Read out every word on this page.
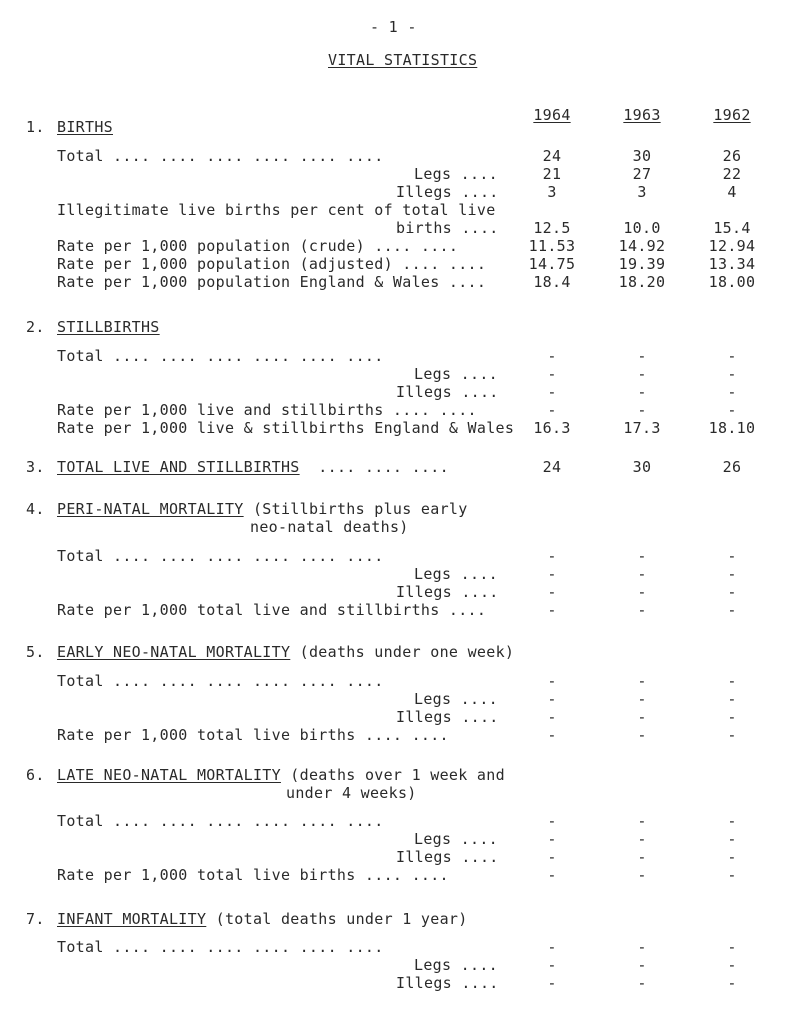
- 1 -
VITAL STATISTICS
1964	1963	1962
1. BIRTHS
Total .... .... .... .... .... ....	24	30	26
Legs ....	21	27	22
Illegs ....	3	3	4
Illegitimate live births per cent of total live
births ....	12.5	10.0	15.4
Rate per 1,000 population (crude) .... ....	11.53	14.92	12.94
Rate per 1,000 population (adjusted) .... ....	14.75	19.39	13.34
Rate per 1,000 population England & Wales ....	18.4	18.20	18.00
2. STILLBIRTHS
Total .... .... .... .... .... ....	-	-	-
Legs ....	-	-	-
Illegs ....	-	-	-
Rate per 1,000 live and stillbirths .... ....	-	-	-
Rate per 1,000 live & stillbirths England & Wales	16.3	17.3	18.10
3. TOTAL LIVE AND STILLBIRTHS .... .... ....	24	30	26
4. PERI-NATAL MORTALITY (Stillbirths plus early
neo-natal deaths)
Total .... .... .... .... .... ....	-	-	-
Legs ....	-	-	-
Illegs ....	-	-	-
Rate per 1,000 total live and stillbirths ....	-	-	-
5. EARLY NEO-NATAL MORTALITY (deaths under one week)
Total .... .... .... .... .... ....	-	-	-
Legs ....	-	-	-
Illegs ....	-	-	-
Rate per 1,000 total live births .... ....	-	-	-
6. LATE NEO-NATAL MORTALITY (deaths over 1 week and
under 4 weeks)
Total .... .... .... .... .... ....	-	-	-
Legs ....	-	-	-
Illegs ....	-	-	-
Rate per 1,000 total live births .... ....	-	-	-
7. INFANT MORTALITY (total deaths under 1 year)
Total .... .... .... .... .... ....	-	-	-
Legs ....	-	-	-
Illegs ....	-	-	-
